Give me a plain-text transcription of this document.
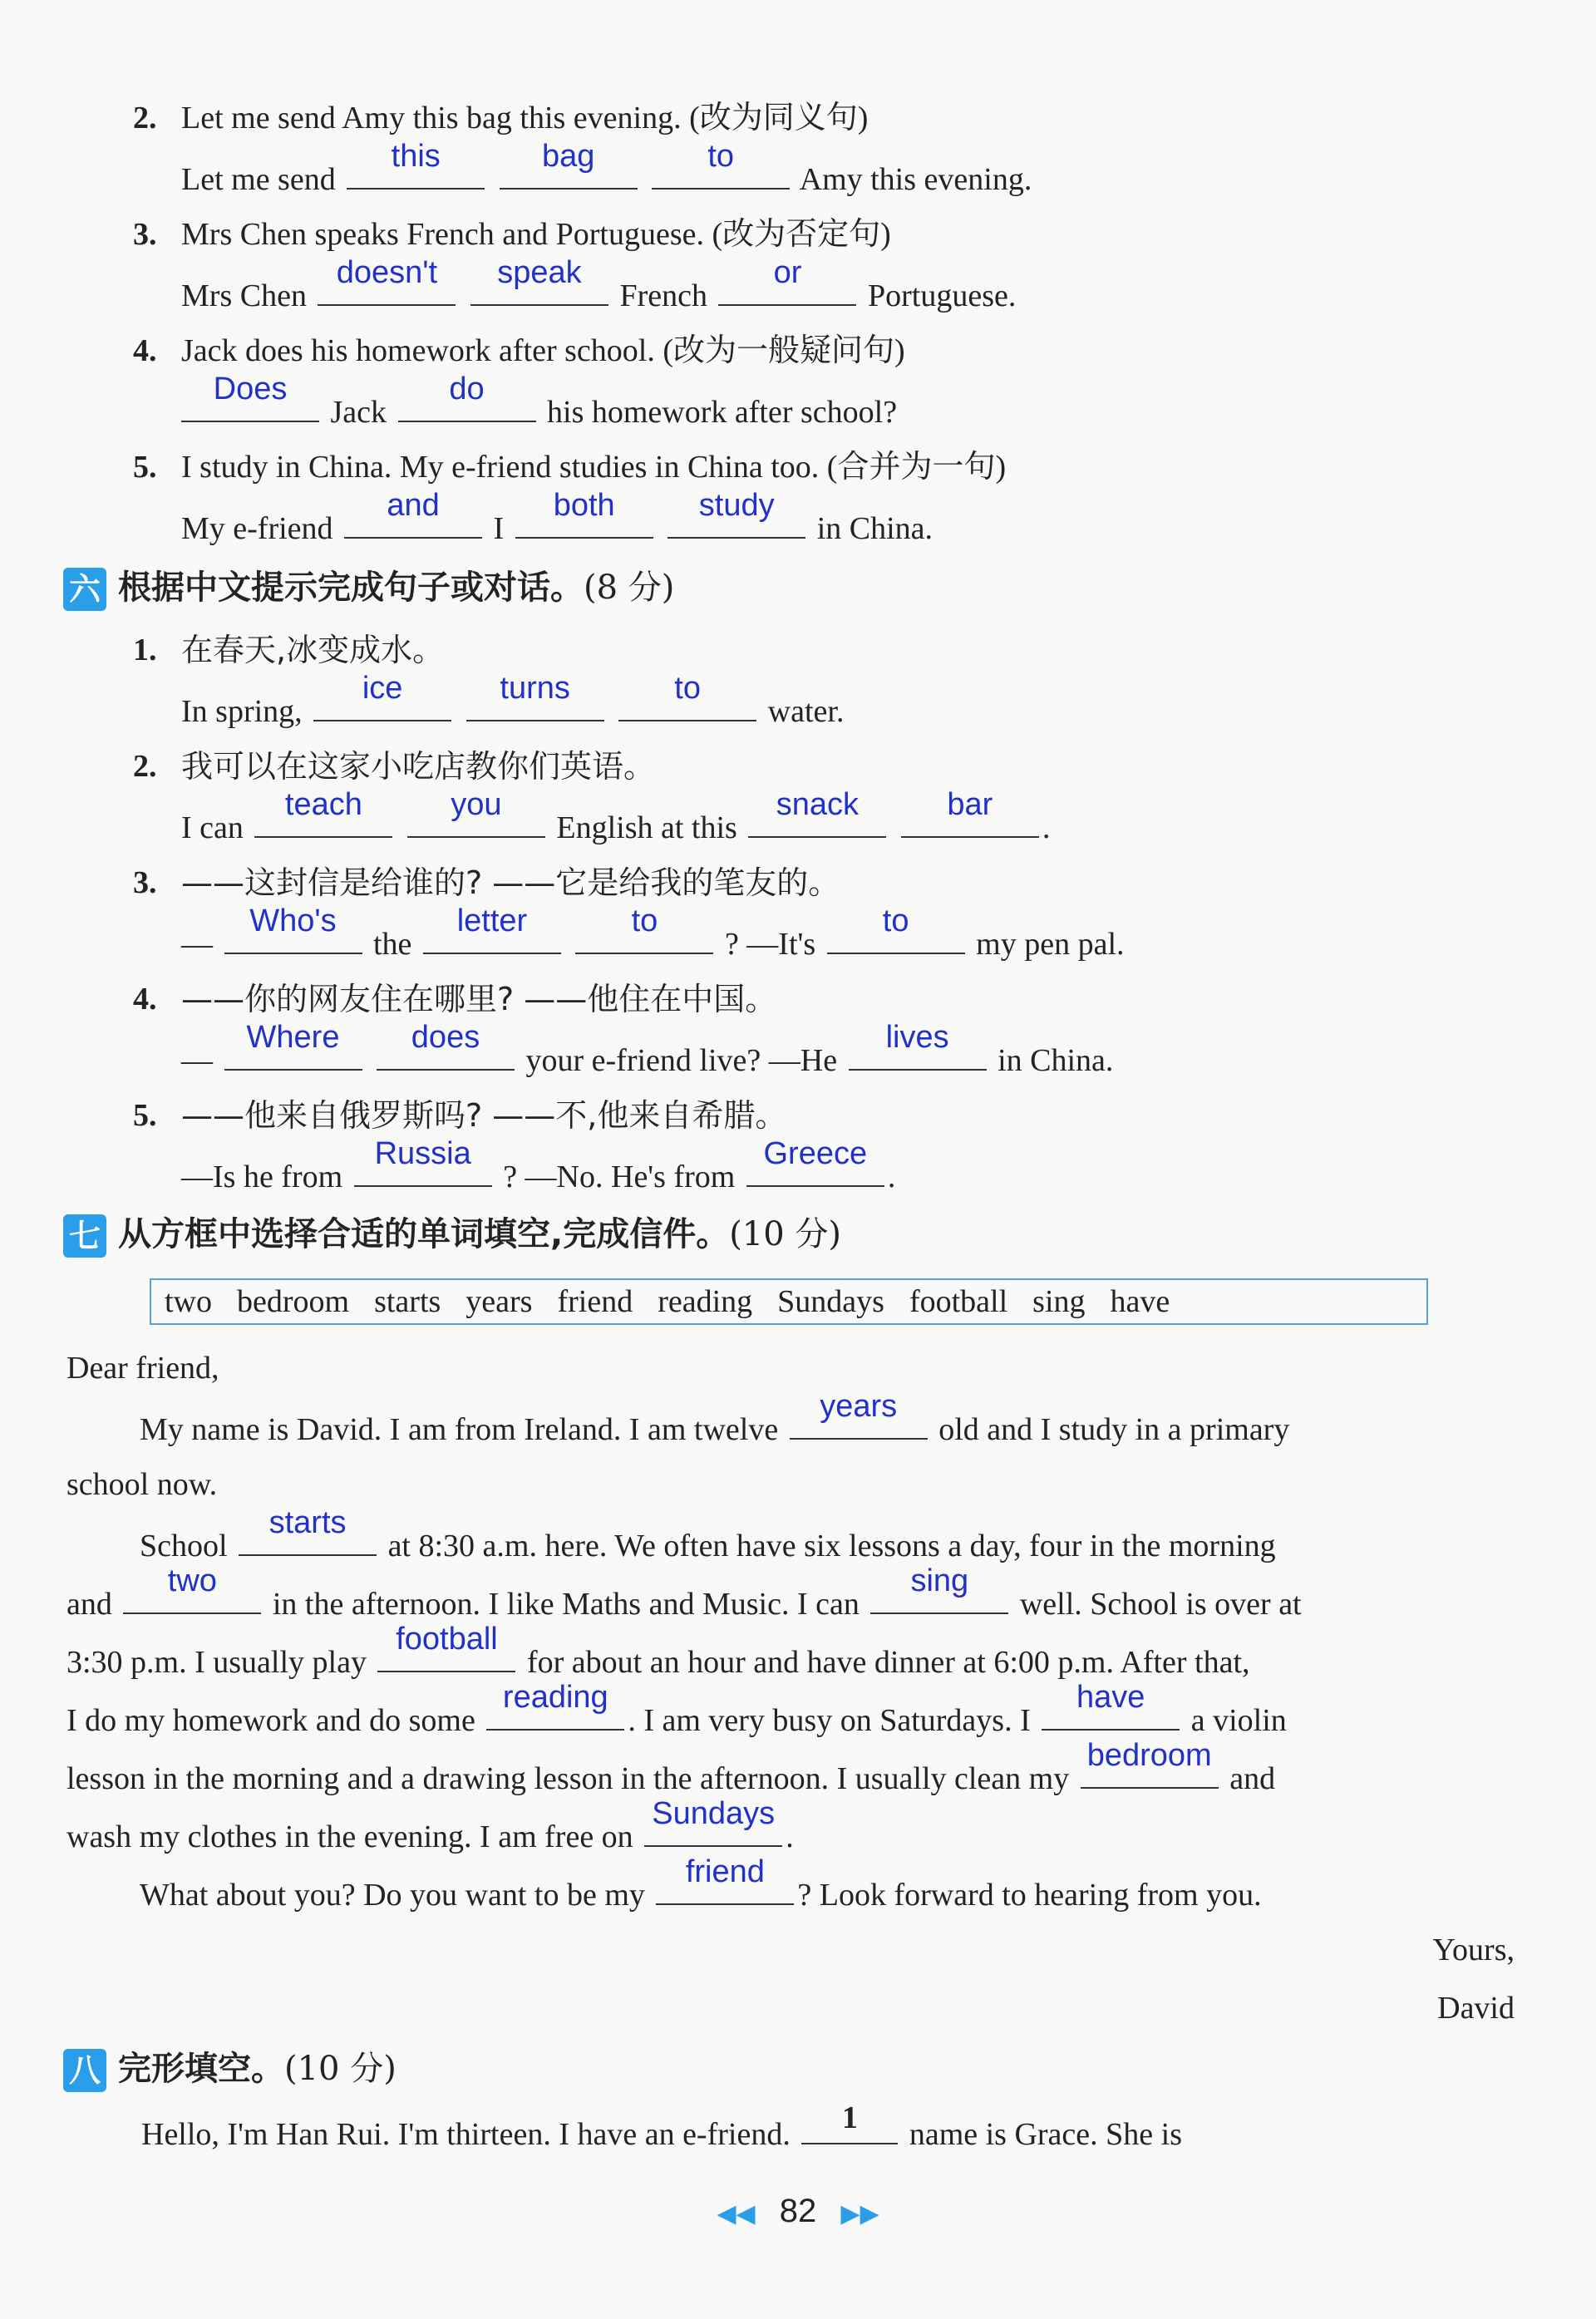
2. Let me send Amy this bag this evening. (改为同义句)
Let me send
this
	bag
	to
Amy this evening.
3. Mrs Chen speaks French and Portuguese. (改为否定句)
Mrs Chen
doesn't
	speak
French
or
Portuguese.
4. Jack does his homework after school. (改为一般疑问句)
Does
Jack
do
his homework after school?
5. I study in China. My e-friend studies in China too. (合并为一句)
My e-friend
and
I
both
	study
in China.
六 根据中文提示完成句子或对话。(8 分)
1. 在春天,冰变成水。
In spring,
ice
	turns
	to
water.
2. 我可以在这家小吃店教你们英语。
I can
teach
	you
English at this
snack
	bar
.
3. ——这封信是给谁的? ——它是给我的笔友的。
—
Who's
the
letter
	to
? —It's
to
my pen pal.
4. ——你的网友住在哪里? ——他住在中国。
—
Where
	does
your e-friend live? —He
lives
in China.
5. ——他来自俄罗斯吗? ——不,他来自希腊。
—Is he from
Russia
? —No. He's from
Greece
.
七 从方框中选择合适的单词填空,完成信件。(10 分)
two bedroom starts years friend reading Sundays football sing have
Dear friend,
My name is David. I am from Ireland. I am twelve
years
old and I study in a primary
school now.
School
starts
at 8:30 a.m. here. We often have six lessons a day, four in the morning
and
two
in the afternoon. I like Maths and Music. I can
sing
well. School is over at
3:30 p.m. I usually play
football
for about an hour and have dinner at 6:00 p.m. After that,
I do my homework and do some
reading
. I am very busy on Saturdays. I
have
a violin
lesson in the morning and a drawing lesson in the afternoon. I usually clean my
bedroom
and
wash my clothes in the evening. I am free on
Sundays
.
What about you? Do you want to be my
friend
? Look forward to hearing from you.
Yours,
David
八 完形填空。(10 分)
Hello, I'm Han Rui. I'm thirteen. I have an e-friend.	1	name is Grace. She is
◀◀ 82 ▶▶
